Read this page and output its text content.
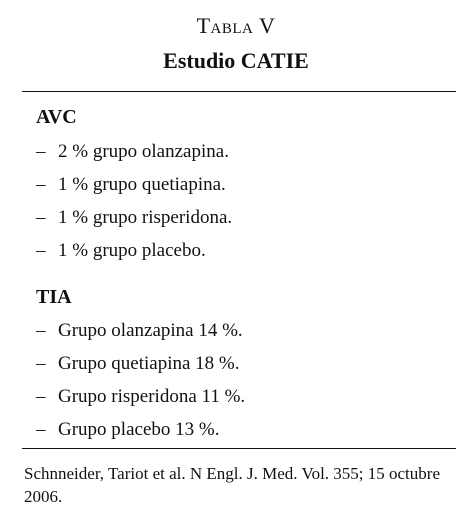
Tabla V
Estudio CATIE
AVC
– 2 % grupo olanzapina.
– 1 % grupo quetiapina.
– 1 % grupo risperidona.
– 1 % grupo placebo.
TIA
– Grupo olanzapina 14 %.
– Grupo quetiapina 18 %.
– Grupo risperidona 11 %.
– Grupo placebo 13 %.
Schnneider, Tariot et al. N Engl. J. Med. Vol. 355; 15 octubre 2006.
